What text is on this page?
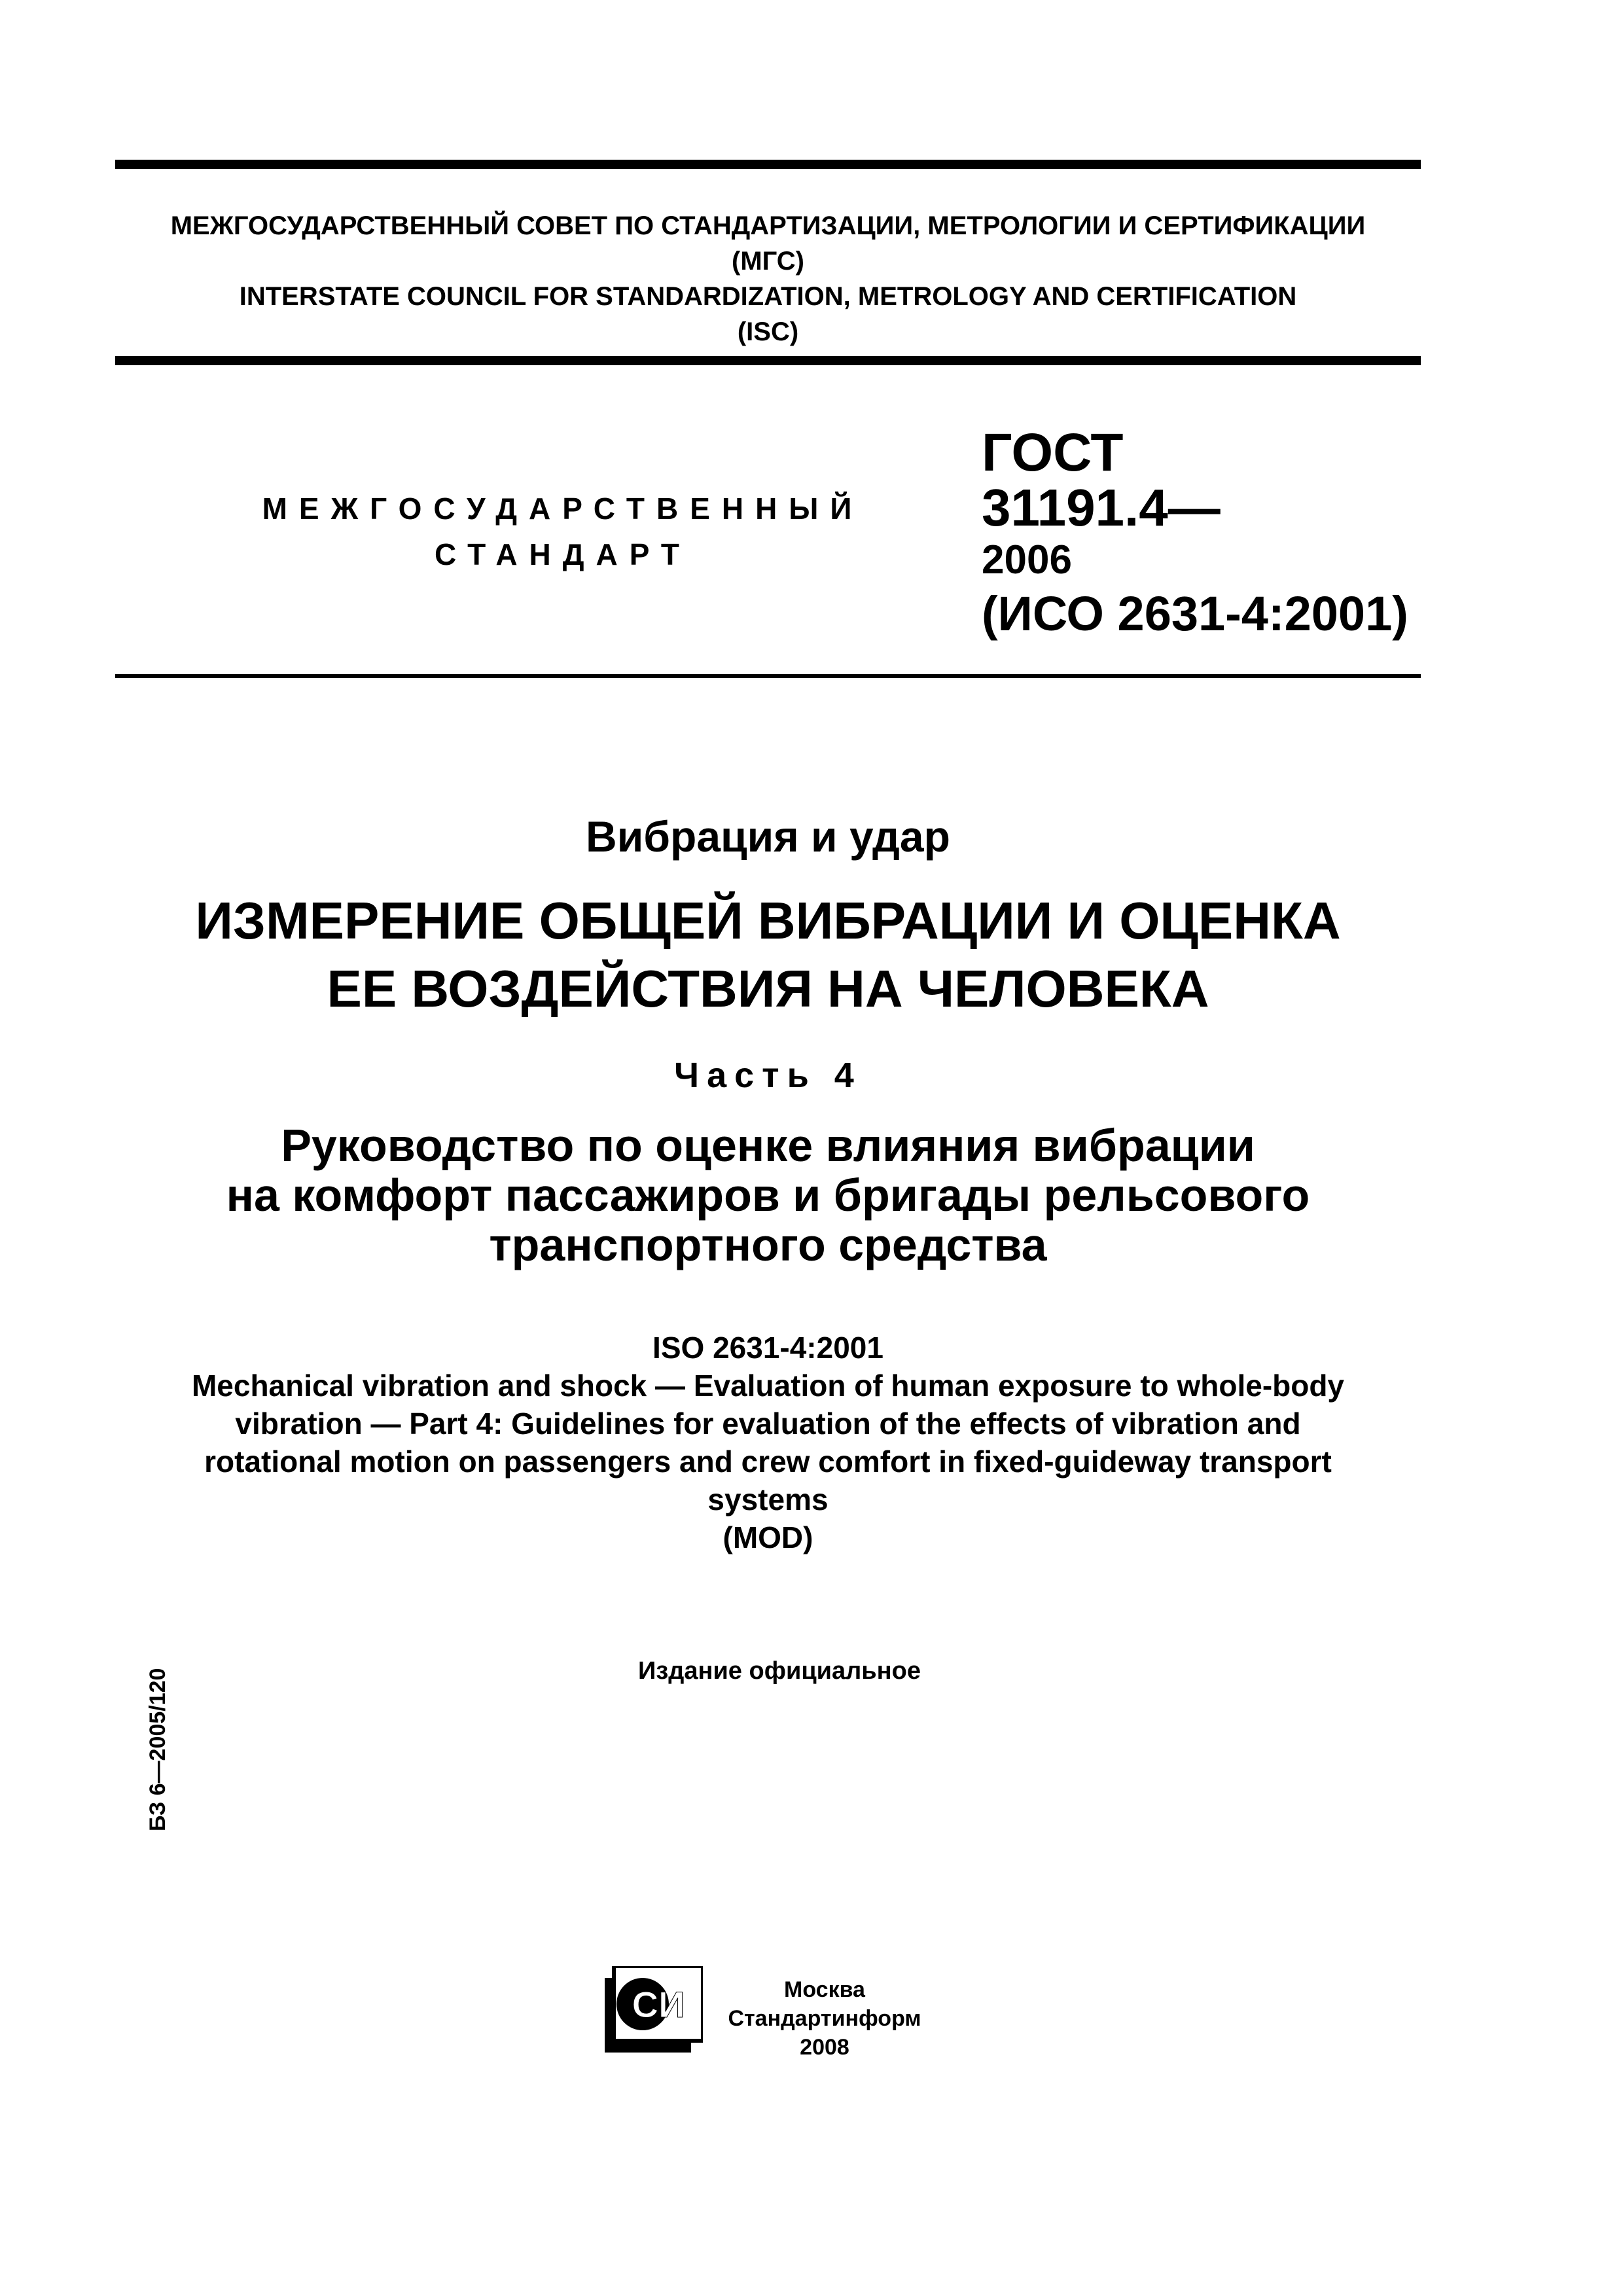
МЕЖГОСУДАРСТВЕННЫЙ СОВЕТ ПО СТАНДАРТИЗАЦИИ, МЕТРОЛОГИИ И СЕРТИФИКАЦИИ
(МГС)
INTERSTATE COUNCIL FOR STANDARDIZATION, METROLOGY AND CERTIFICATION
(ISC)
МЕЖГОСУДАРСТВЕННЫЙ
СТАНДАРТ
ГОСТ
31191.4—
2006
(ИСО 2631-4:2001)
Вибрация и удар
ИЗМЕРЕНИЕ ОБЩЕЙ ВИБРАЦИИ И ОЦЕНКА
ЕЕ ВОЗДЕЙСТВИЯ НА ЧЕЛОВЕКА
Часть 4
Руководство по оценке влияния вибрации
на комфорт пассажиров и бригады рельсового
транспортного средства
ISO 2631-4:2001
Mechanical vibration and shock — Evaluation of human exposure to whole-body
vibration — Part 4: Guidelines for evaluation of the effects of vibration and
rotational motion on passengers and crew comfort in fixed-guideway transport
systems
(MOD)
Издание официальное
БЗ 6—2005/120
СИ	Москва
Стандартинформ
2008
